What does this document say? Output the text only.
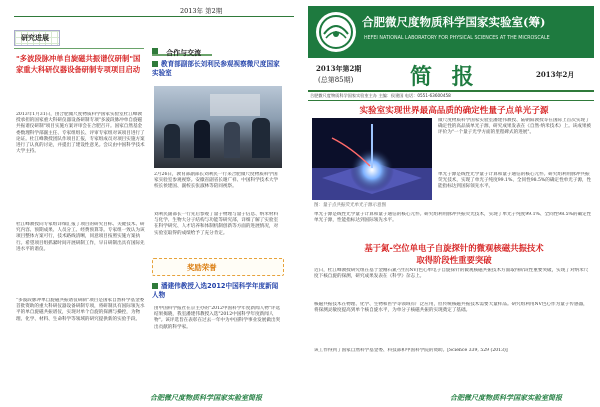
2013年 第2期
研究进展
"多波段脉冲单自旋磁共振谱仪研制"国家重大科研仪器设备研制专项项目启动
2013年1月31日，由合肥微尺度物质科学国家实验室杜江峰教授承担的国家重大科研仪器设备研制专项"多波段脉冲单自旋磁共振谱仪研制"项目实施方案评审会在合肥召开。国家自然基金委数理科学部副主任、专家组组长、评审专家组对该项目进行了论证。杜江峰教授团队作项目汇报，专家组成员对项目实施方案进行了认真的讨论，并提出了建设性意见。会议由中国科学技术大学主持。
杜江峰教授向专家组详细汇报了项目的研究目标、关键技术、研究内容、预期成果、人员分工、经费预算等。专家组一致认为该项目整体方案可行，技术路线清晰，同意项目按照实施方案执行。希望项目组抓紧时间开展研制工作，早日研制出具有国际先进水平的谱仪。
"多波段脉冲单自旋磁共振谱仪研制"项目是国家自然科学基金委首批资助的重大科研仪器设备研制专项，将研制具有国际领先水平的单自旋磁共振谱仪，实现对单个自旋的探测与操控，为物理、化学、材料、生命科学等领域的研究提供新的实验手段。
合作与交流
教育部副部长刘利民参观视察微尺度国家实验室
2月26日，教育部副部长刘利民一行来合肥微尺度物质科学国家实验室参观视察。安徽省副省长谢广祥、中国科学技术大学校长侯建国、副校长张淑林等陪同视察。
刘利民副部长一行先后参观了量子物理与量子信息、纳米材料与化学、生物大分子结构与功能等研究部，详细了解了实验室在科学研究、人才培养和体制机制创新等方面的进展情况，对实验室取得的成绩给予了充分肯定。
奖励荣誉
潘建伟教授入选2012中国科学年度新闻人物
由中国科学报社在京主办的"2012中国科学年度新闻人物"评选结果揭晓，我室潘建伟教授入选"2012中国科学年度新闻人物"。该评选旨在表彰在过去一年中为中国科学事业发展做出突出贡献的科学家。
合肥微尺度物质科学国家实验室简报
合肥微尺度物质科学国家实验室(筹)
HEFEI NATIONAL LABORATORY FOR PHYSICAL SCIENCES AT THE MICROSCALE
2013年第2期
(总第85期)	简 报	2013年2月
合肥微尺度物质科学国家实验室主办 主编：侯建国 电话：0551-63600458
实验室实现世界最高品质的确定性量子点单光子源
图：量子点共振荧光单光子源示意图
微尺度物质科学国家实验室潘建伟教授、陆朝阳教授等在国际上首次实现了确定性的高品质单光子源，研究成果发表在《自然·纳米技术》上。该成果被评价为"一个量子光学方面的里程碑式的进展"。
单光子源是线性光学量子计算和量子通信的核心元件。研究组利用脉冲共振荧光技术，实现了单光子纯度99.1%、全同性98.5%的确定性单光子源，性能指标达到国际领先水平。
单光子源是线性光学量子计算和量子通信的核心元件。研究组利用脉冲共振荧光技术，实现了单光子纯度99.1%、全同性98.5%的确定性单光子源，性能指标达到国际领先水平。
基于氮-空位单电子自旋探针的微观核磁共振技术
取得阶段性重要突破
近日，杜江峰教授研究组在基于金刚石氮-空位(NV)色心单电子自旋探针的微观核磁共振技术方面取得阶段性重要突破，实现了对纳米尺度下核自旋的探测，研究成果发表在《科学》杂志上。
核磁共振技术在物理、化学、生物和医学等领域有广泛应用，但传统核磁共振技术需要大量样品。研究组利用NV色心作为量子传感器，将探测灵敏度提高到单个核自旋水平，为单分子核磁共振的实现奠定了基础。
该工作得到了国家自然科学基金委、科技部和中国科学院的资助。[Science 339, 529 (2013)]
合肥微尺度物质科学国家实验室简报
